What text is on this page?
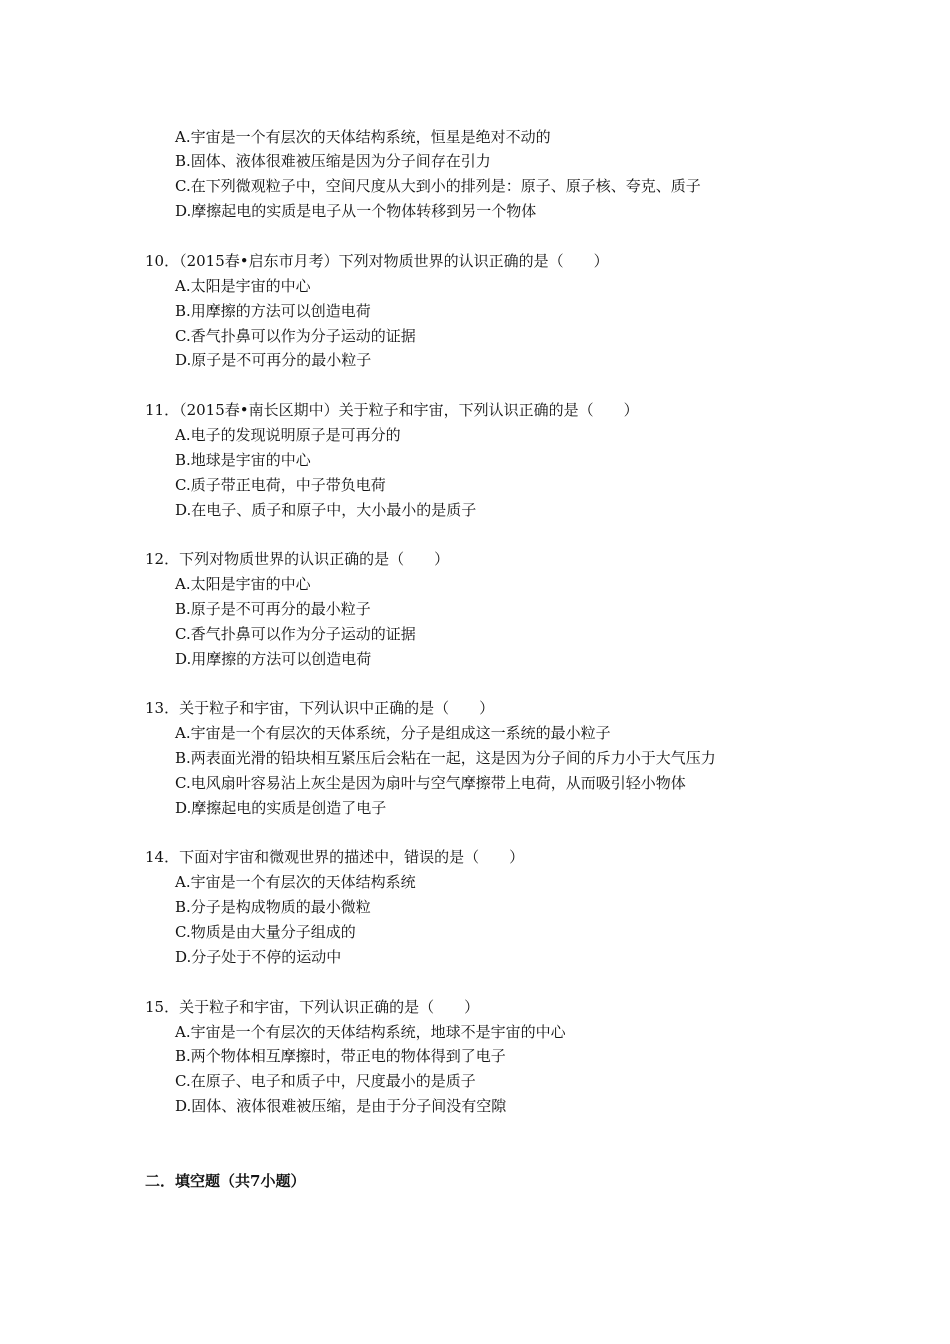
A.宇宙是一个有层次的天体结构系统，恒星是绝对不动的
B.固体、液体很难被压缩是因为分子间存在引力
C.在下列微观粒子中，空间尺度从大到小的排列是：原子、原子核、夸克、质子
D.摩擦起电的实质是电子从一个物体转移到另一个物体
10．（2015春•启东市月考）下列对物质世界的认识正确的是（　　）
A.太阳是宇宙的中心
B.用摩擦的方法可以创造电荷
C.香气扑鼻可以作为分子运动的证据
D.原子是不可再分的最小粒子
11．（2015春•南长区期中）关于粒子和宇宙，下列认识正确的是（　　）
A.电子的发现说明原子是可再分的
B.地球是宇宙的中心
C.质子带正电荷，中子带负电荷
D.在电子、质子和原子中，大小最小的是质子
12．下列对物质世界的认识正确的是（　　）
A.太阳是宇宙的中心
B.原子是不可再分的最小粒子
C.香气扑鼻可以作为分子运动的证据
D.用摩擦的方法可以创造电荷
13．关于粒子和宇宙，下列认识中正确的是（　　）
A.宇宙是一个有层次的天体系统，分子是组成这一系统的最小粒子
B.两表面光滑的铅块相互紧压后会粘在一起，这是因为分子间的斥力小于大气压力
C.电风扇叶容易沾上灰尘是因为扇叶与空气摩擦带上电荷，从而吸引轻小物体
D.摩擦起电的实质是创造了电子
14．下面对宇宙和微观世界的描述中，错误的是（　　）
A.宇宙是一个有层次的天体结构系统
B.分子是构成物质的最小微粒
C.物质是由大量分子组成的
D.分子处于不停的运动中
15．关于粒子和宇宙，下列认识正确的是（　　）
A.宇宙是一个有层次的天体结构系统，地球不是宇宙的中心
B.两个物体相互摩擦时，带正电的物体得到了电子
C.在原子、电子和质子中，尺度最小的是质子
D.固体、液体很难被压缩，是由于分子间没有空隙
二．填空题（共7小题）
